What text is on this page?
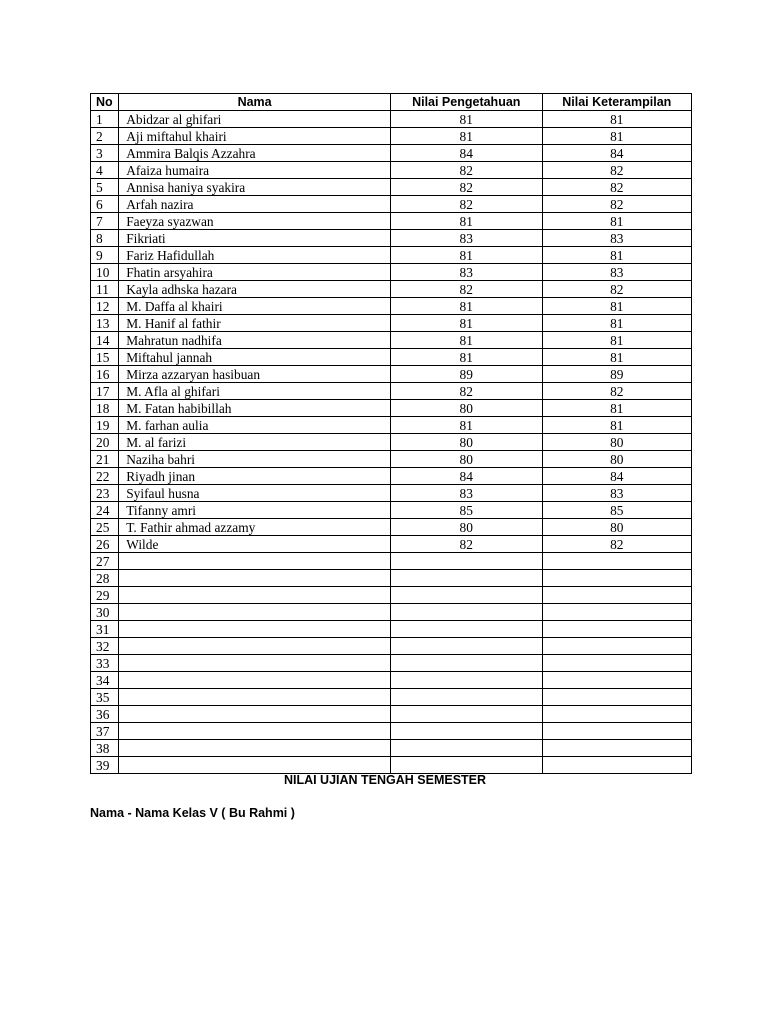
No	Nama	Nilai Pengetahuan	Nilai Keterampilan
1	Abidzar al ghifari	81	81
2	Aji miftahul khairi	81	81
3	Ammira Balqis Azzahra	84	84
4	Afaiza humaira	82	82
5	Annisa haniya syakira	82	82
6	Arfah nazira	82	82
7	Faeyza syazwan	81	81
8	Fikriati	83	83
9	Fariz Hafidullah	81	81
10	Fhatin arsyahira	83	83
11	Kayla adhska hazara	82	82
12	M. Daffa al khairi	81	81
13	M. Hanif al fathir	81	81
14	Mahratun nadhifa	81	81
15	Miftahul jannah	81	81
16	Mirza azzaryan hasibuan	89	89
17	M. Afla al ghifari	82	82
18	M. Fatan habibillah	80	81
19	M. farhan aulia	81	81
20	M. al farizi	80	80
21	Naziha bahri	80	80
22	Riyadh jinan	84	84
23	Syifaul husna	83	83
24	Tifanny amri	85	85
25	T. Fathir ahmad azzamy	80	80
26	Wilde	82	82
27			
28			
29			
30			
31			
32			
33			
34			
35			
36			
37			
38			
39			
NILAI UJIAN TENGAH SEMESTER

Nama - Nama Kelas V ( Bu Rahmi )
